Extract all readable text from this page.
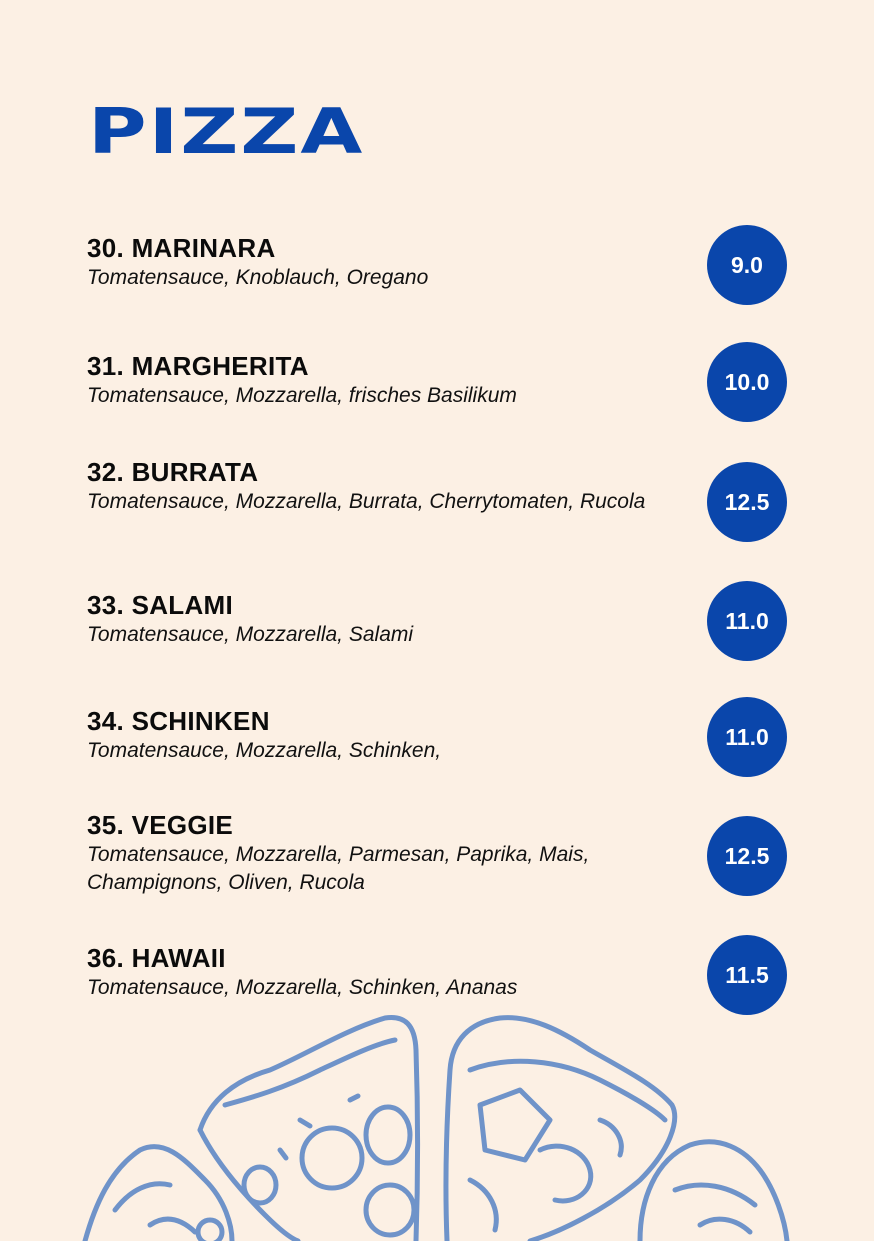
PIZZA
30. MARINARA
Tomatensauce, Knoblauch, Oregano	9.0
31. MARGHERITA
Tomatensauce, Mozzarella, frisches Basilikum
10.0
32. BURRATA
Tomatensauce, Mozzarella, Burrata, Cherrytomaten, Rucola	12.5
33. SALAMI
Tomatensauce, Mozzarella, Salami
11.0
34. SCHINKEN
Tomatensauce, Mozzarella, Schinken,
11.0
35. VEGGIE
Tomatensauce, Mozzarella, Parmesan, Paprika, Mais, Champignons, Oliven, Rucola
12.5
36. HAWAII
Tomatensauce, Mozzarella, Schinken, Ananas	11.5
